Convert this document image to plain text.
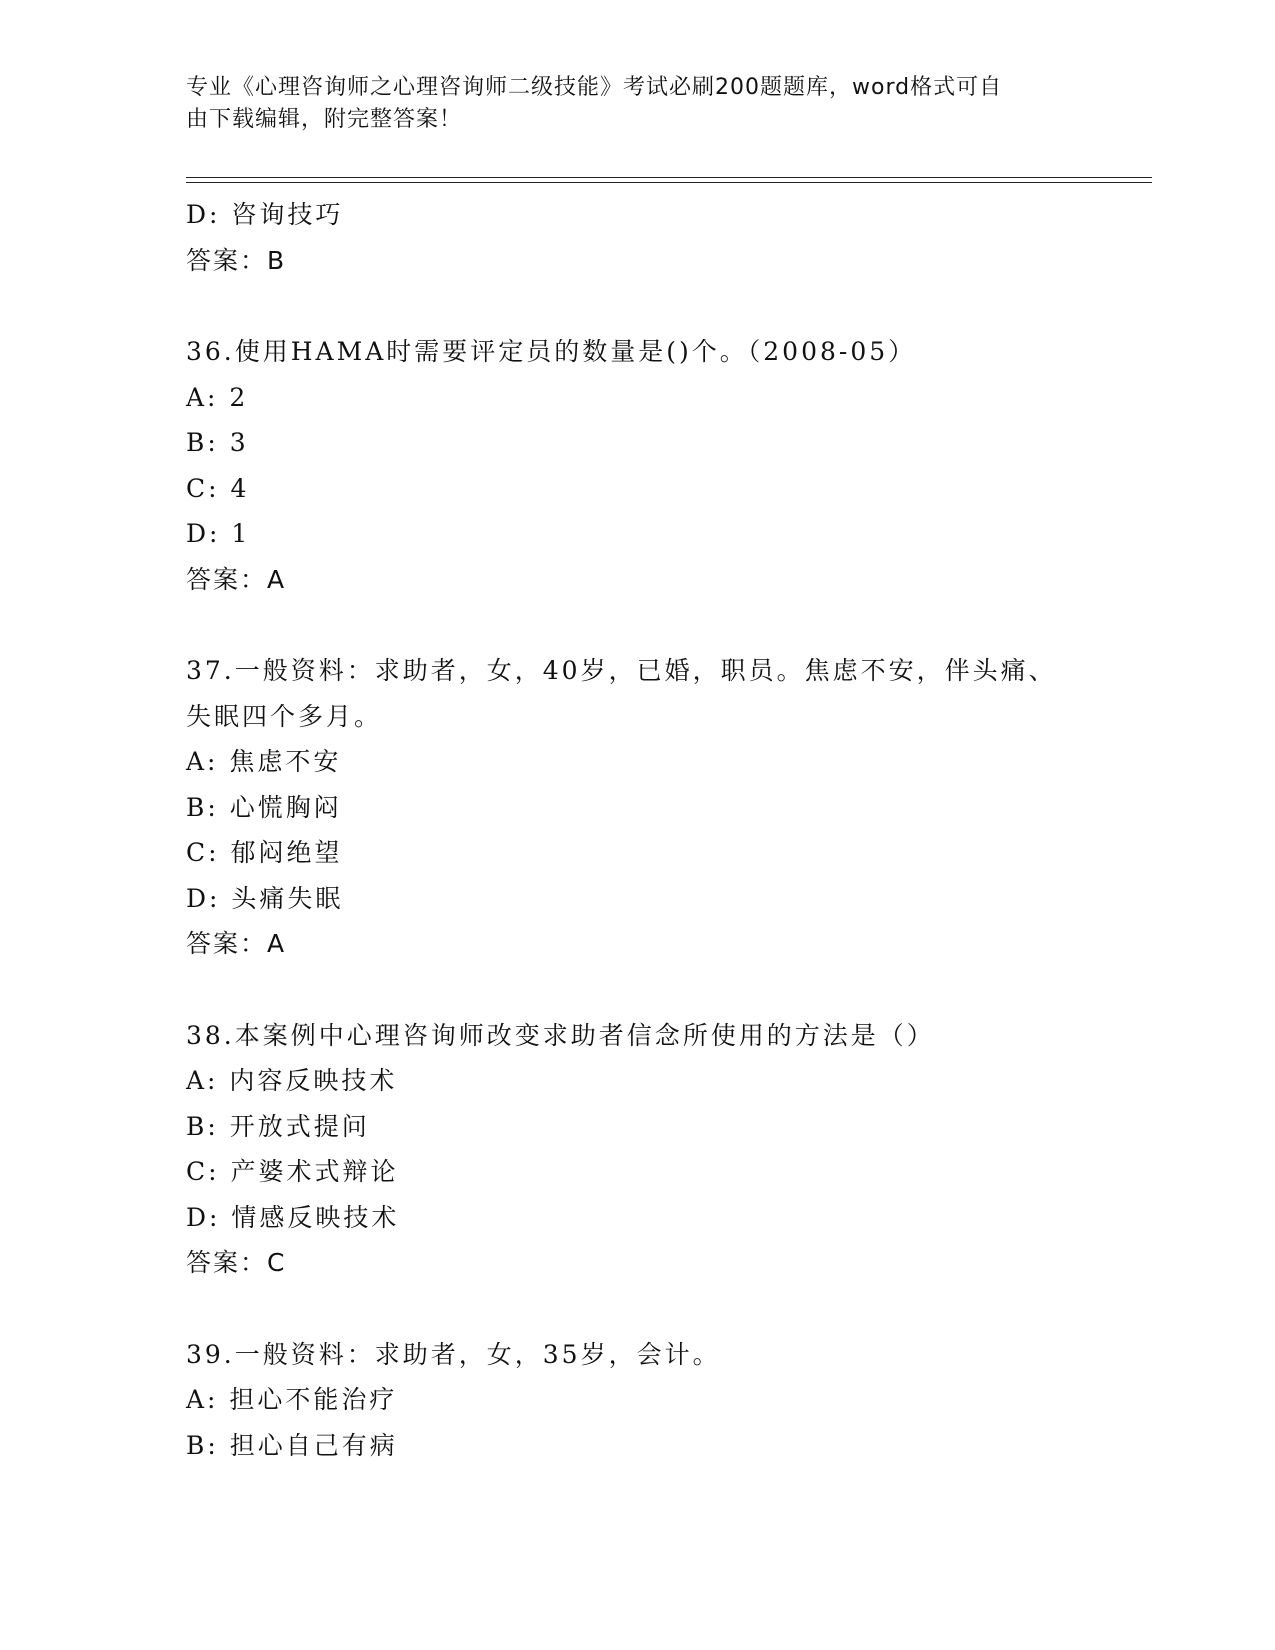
专业《心理咨询师之心理咨询师二级技能》考试必刷200题题库，word格式可自
由下载编辑，附完整答案！
D: 咨询技巧
答案：B
36.使用HAMA时需要评定员的数量是()个。（2008-05）
A: 2
B: 3
C: 4
D: 1
答案：A
37.一般资料：求助者，女，40岁，已婚，职员。焦虑不安，伴头痛、
失眠四个多月。
A: 焦虑不安
B: 心慌胸闷
C: 郁闷绝望
D: 头痛失眠
答案：A
38.本案例中心理咨询师改变求助者信念所使用的方法是（）
A: 内容反映技术
B: 开放式提问
C: 产婆术式辩论
D: 情感反映技术
答案：C
39.一般资料：求助者，女，35岁，会计。
A: 担心不能治疗
B: 担心自己有病
